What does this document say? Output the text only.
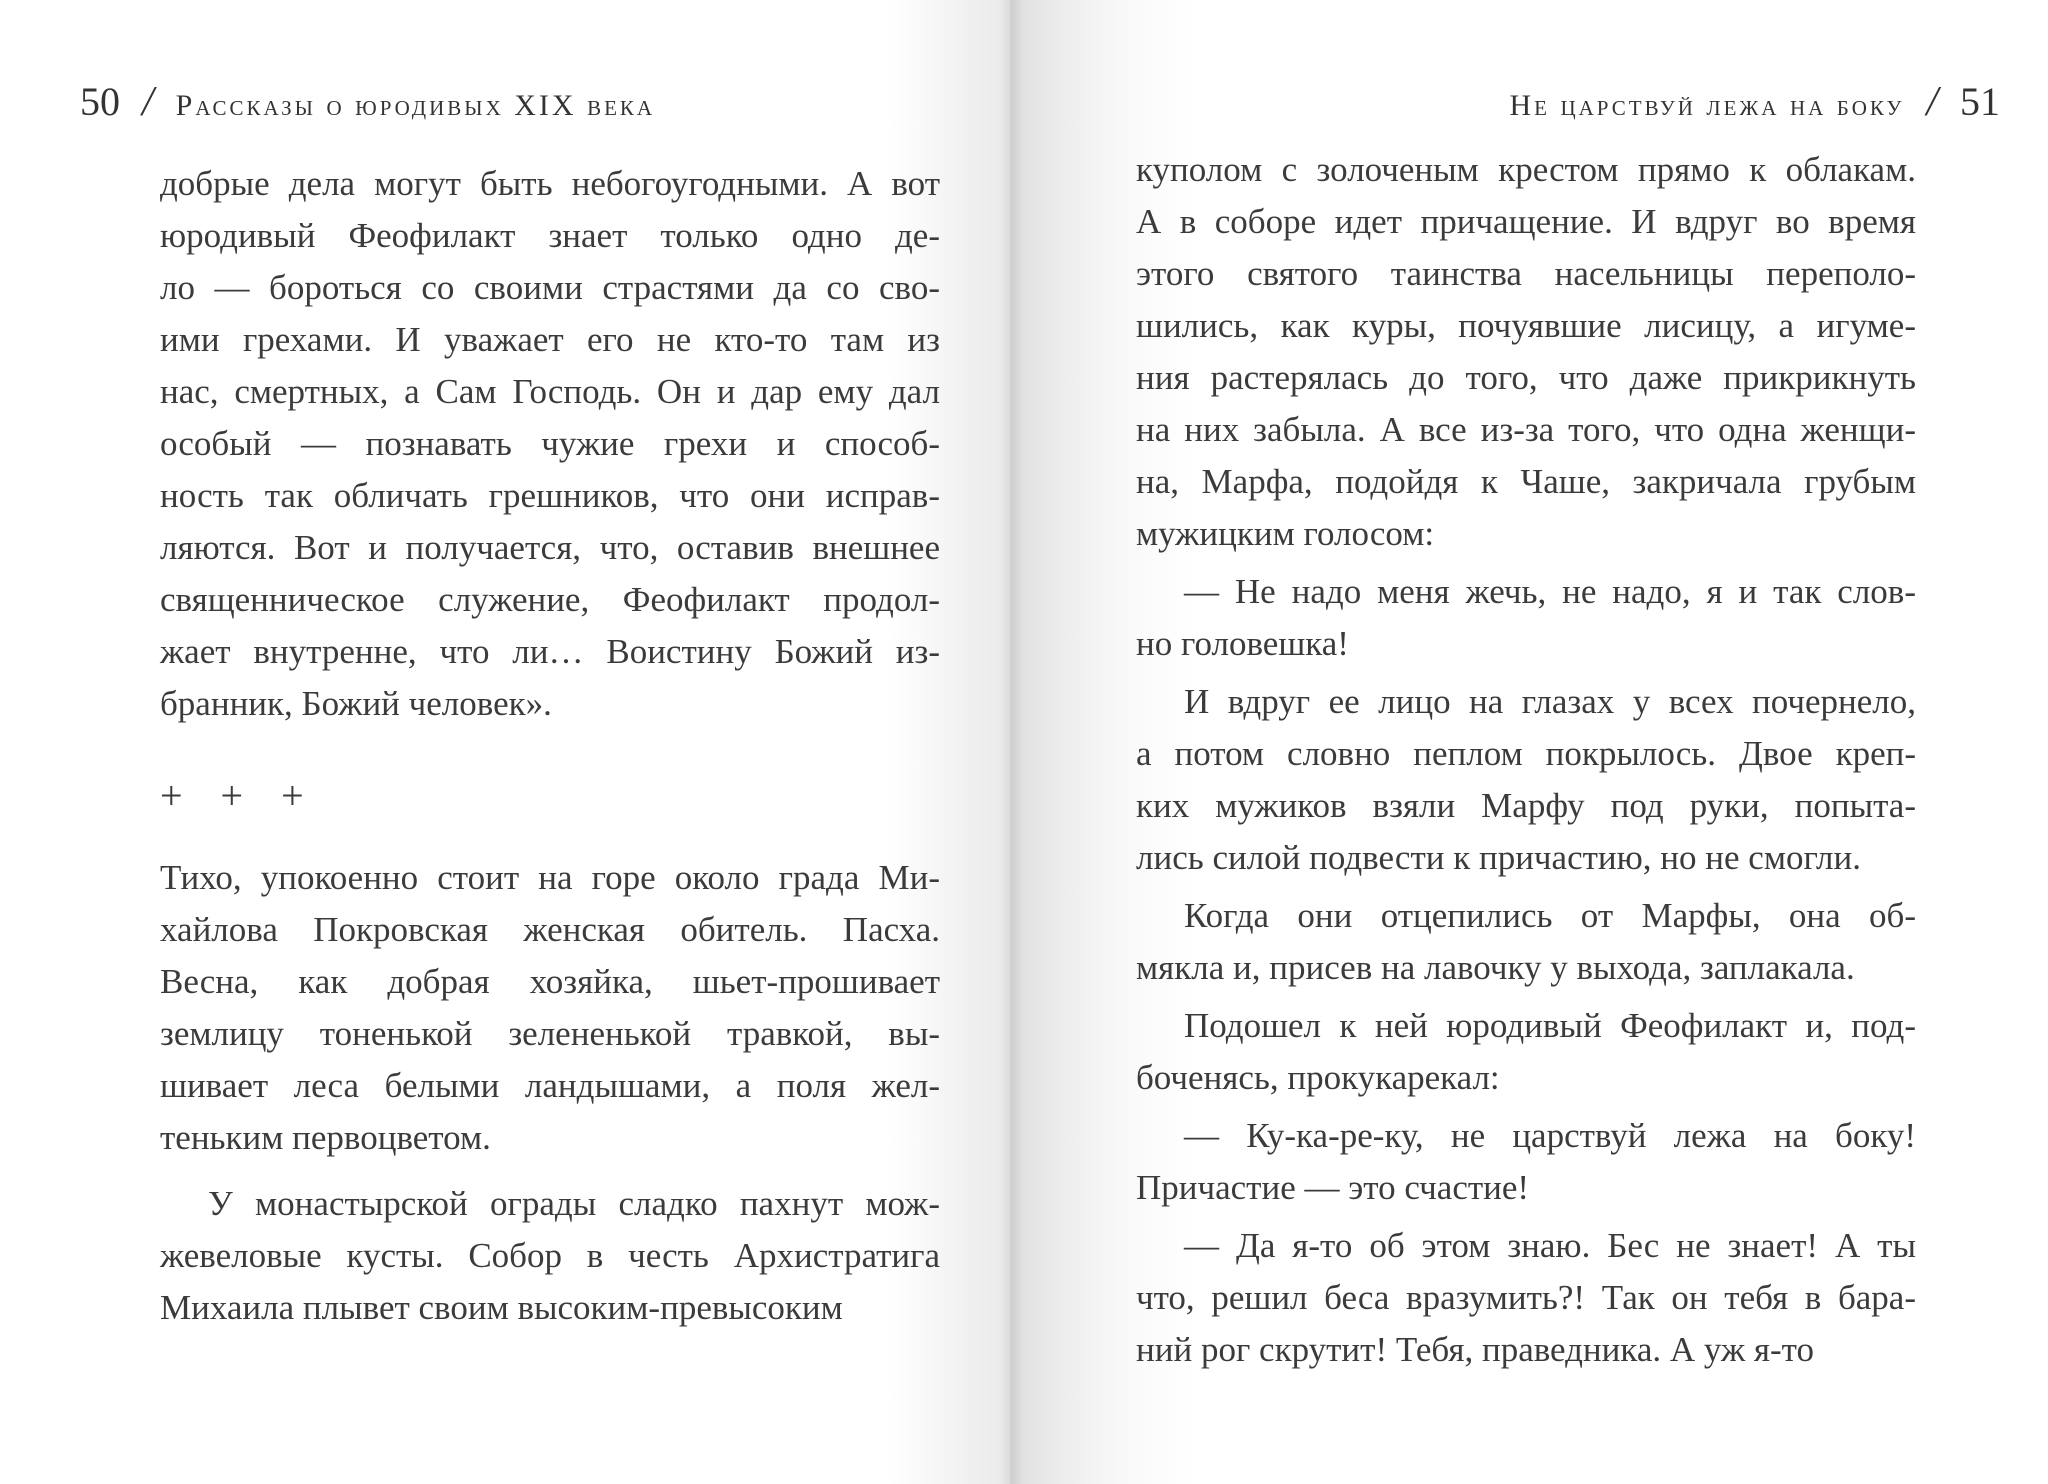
50 / Рассказы о юродивых XIX века
добрые дела могут быть небогоугодными. А вот
юродивый Феофилакт знает только одно де-
ло — бороться со своими страстями да со сво-
ими грехами. И уважает его не кто-то там из
нас, смертных, а Сам Господь. Он и дар ему дал
особый — познавать чужие грехи и способ-
ность так обличать грешников, что они исправ-
ляются. Вот и получается, что, оставив внешнее
священническое служение, Феофилакт продол-
жает внутренне, что ли… Воистину Божий из-
бранник, Божий человек».
+ + +
Тихо, упокоенно стоит на горе около града Ми-
хайлова Покровская женская обитель. Пасха.
Весна, как добрая хозяйка, шьет-прошивает
землицу тоненькой зелененькой травкой, вы-
шивает леса белыми ландышами, а поля жел-
теньким первоцветом.
У монастырской ограды сладко пахнут мож-
жевеловые кусты. Собор в честь Архистратига
Михаила плывет своим высоким-превысоким
Не царствуй лежа на боку / 51
куполом с золоченым крестом прямо к облакам.
А в соборе идет причащение. И вдруг во время
этого святого таинства насельницы переполо-
шились, как куры, почуявшие лисицу, а игуме-
ния растерялась до того, что даже прикрикнуть
на них забыла. А все из-за того, что одна женщи-
на, Марфа, подойдя к Чаше, закричала грубым
мужицким голосом:
— Не надо меня жечь, не надо, я и так слов-
но головешка!
И вдруг ее лицо на глазах у всех почернело,
а потом словно пеплом покрылось. Двое креп-
ких мужиков взяли Марфу под руки, попыта-
лись силой подвести к причастию, но не смогли.
Когда они отцепились от Марфы, она об-
мякла и, присев на лавочку у выхода, заплакала.
Подошел к ней юродивый Феофилакт и, под-
боченясь, прокукарекал:
— Ку-ка-ре-ку, не царствуй лежа на боку!
Причастие — это счастие!
— Да я-то об этом знаю. Бес не знает! А ты
что, решил беса вразумить?! Так он тебя в бара-
ний рог скрутит! Тебя, праведника. А уж я-то
